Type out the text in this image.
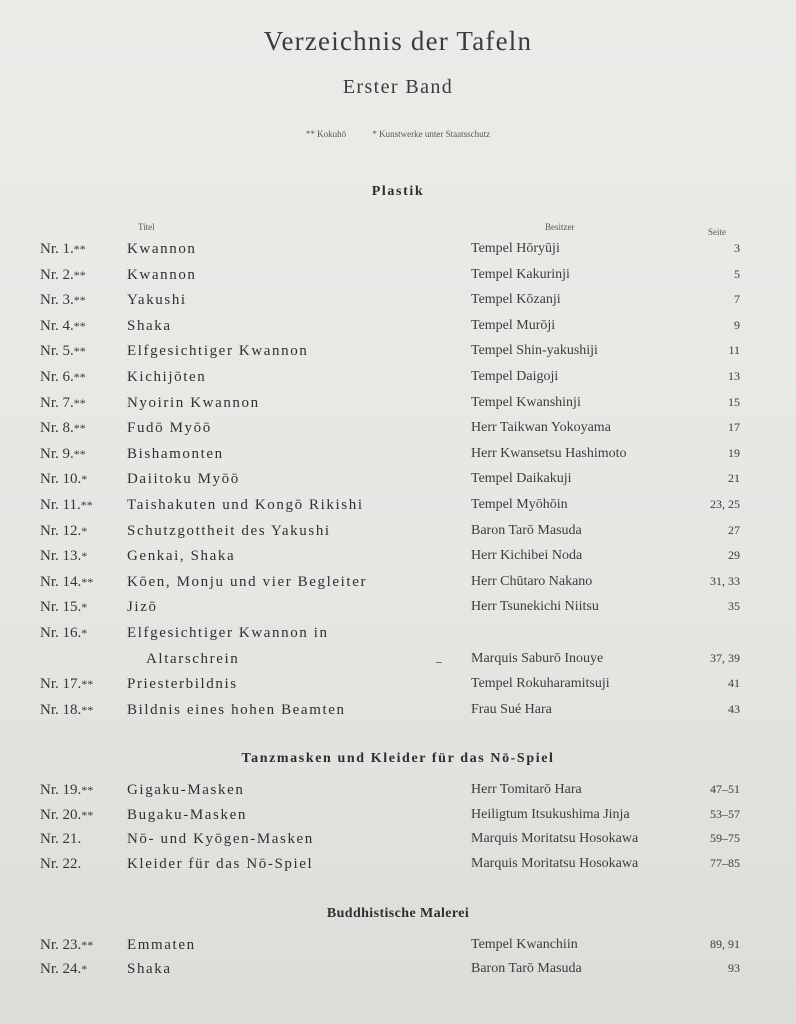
Verzeichnis der Tafeln
Erster Band
** Kokuhō	* Kunstwerke unter Staatsschutz
Plastik
Titel	Besitzer	Seite
Nr. 1.**	Kwannon	Tempel Hōryūji	3
Nr. 2.**	Kwannon	Tempel Kakurinji	5
Nr. 3.**	Yakushi	Tempel Kōzanji	7
Nr. 4.**	Shaka	Tempel Murōji	9
Nr. 5.**	Elfgesichtiger Kwannon	Tempel Shin-yakushiji	11
Nr. 6.**	Kichijōten	Tempel Daigoji	13
Nr. 7.**	Nyoirin Kwannon	Tempel Kwanshinji	15
Nr. 8.**	Fudō Myōō	Herr Taikwan Yokoyama	17
Nr. 9.**	Bishamonten	Herr Kwansetsu Hashimoto	19
Nr. 10.*	Daiitoku Myōō	Tempel Daikakuji	21
Nr. 11.** Taishakuten und Kongō Rikishi	Tempel Myōhōin	23, 25
Nr. 12.*	Schutzgottheit des Yakushi	Baron Tarō Masuda	27
Nr. 13.*	Genkai, Shaka	Herr Kichibei Noda	29
Nr. 14.** Kōen, Monju und vier Begleiter	Herr Chūtaro Nakano	31, 33
Nr. 15.*	Jizō	Herr Tsunekichi Niitsu	35
Nr. 16.*	Elfgesichtiger Kwannon in
Altarschrein	Marquis Saburō Inouye	37, 39
Nr. 17.** Priesterbildnis	Tempel Rokuharamitsuji	41
Nr. 18.** Bildnis eines hohen Beamten	Frau Sué Hara	43
Tanzmasken und Kleider für das Nō-Spiel
Nr. 19.** Gigaku-Masken	Herr Tomitarō Hara	47–51
Nr. 20.** Bugaku-Masken	Heiligtum Itsukushima Jinja	53–57
Nr. 21.	Nō- und Kyōgen-Masken	Marquis Moritatsu Hosokawa	59–75
Nr. 22.	Kleider für das Nō-Spiel	Marquis Moritatsu Hosokawa	77–85
Buddhistische Malerei
Nr. 23.** Emmaten	Tempel Kwanchiin	89, 91
Nr. 24.*	Shaka	Baron Tarō Masuda	93
